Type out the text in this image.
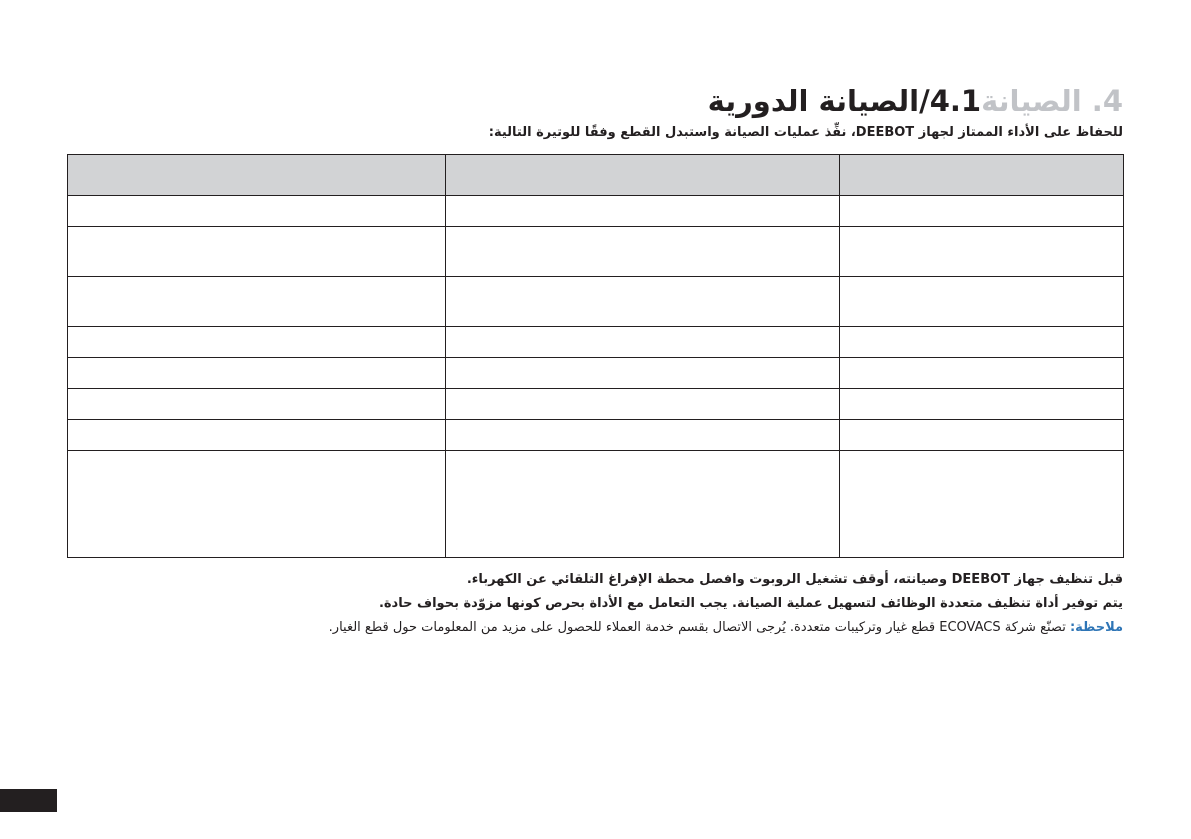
4. الصيانة
4.1/الصيانة الدورية
للحفاظ على الأداء الممتاز لجهاز DEEBOT، نفِّذ عمليات الصيانة واستبدل القطع وفقًا للوتيرة التالية:

قبل تنظيف جهاز DEEBOT وصيانته، أوقف تشغيل الروبوت وافصل محطة الإفراغ التلقائي عن الكهرباء.
يتم توفير أداة تنظيف متعددة الوظائف لتسهيل عملية الصيانة. يجب التعامل مع الأداة بحرص كونها مزوّدة بحواف حادة.
ملاحظة: تصنّع شركة ECOVACS قطع غيار وتركيبات متعددة. يُرجى الاتصال بقسم خدمة العملاء للحصول على مزيد من المعلومات حول قطع الغيار.
